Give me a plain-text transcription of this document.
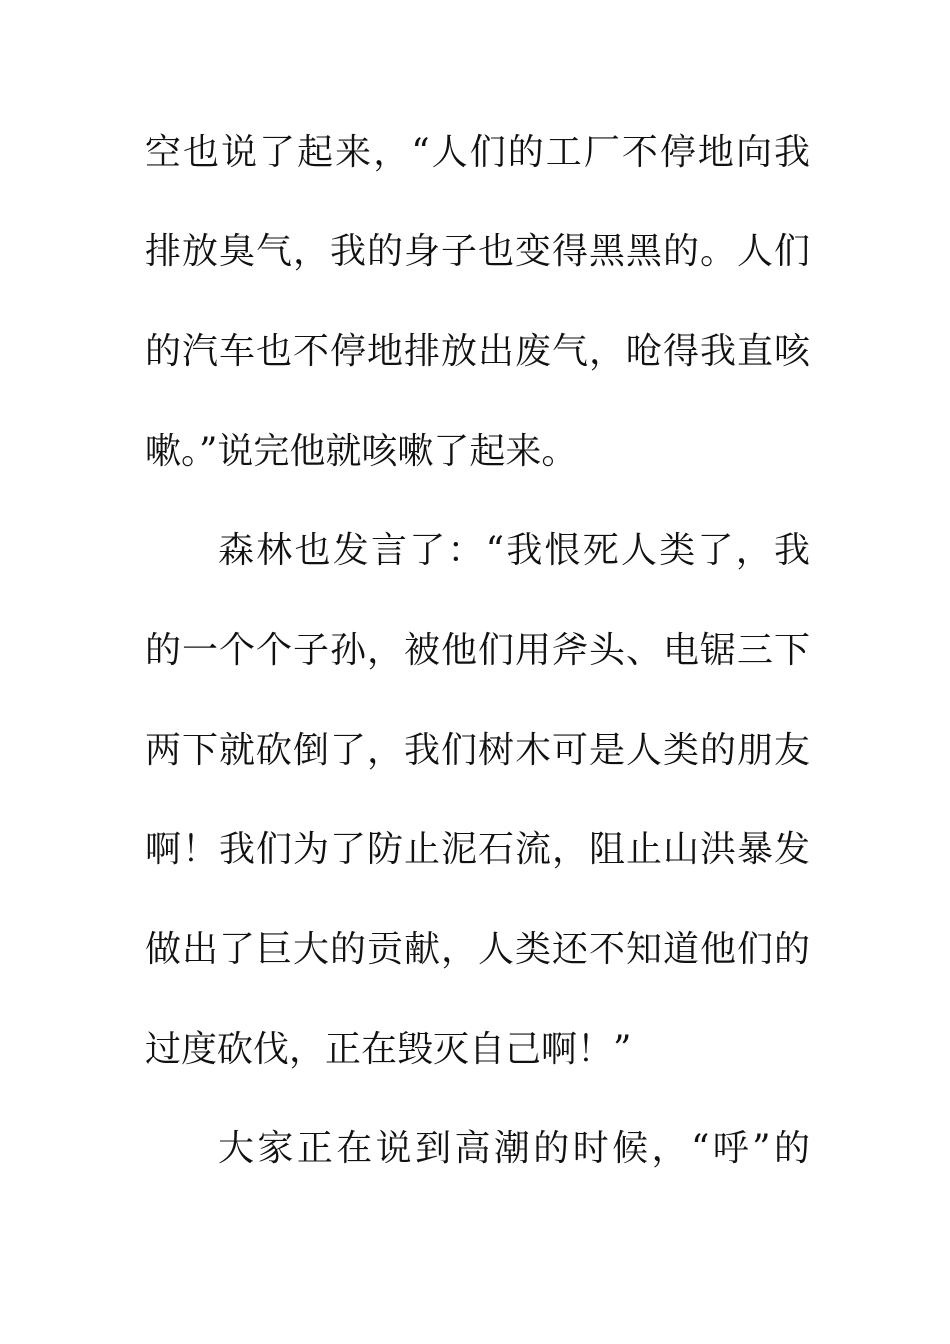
空也说了起来，“人们的工厂不停地向我
排放臭气，我的身子也变得黑黑的。人们
的汽车也不停地排放出废气，呛得我直咳
嗽。”说完他就咳嗽了起来。
森林也发言了：“我恨死人类了，我
的一个个子孙，被他们用斧头、电锯三下
两下就砍倒了，我们树木可是人类的朋友
啊！我们为了防止泥石流，阻止山洪暴发
做出了巨大的贡献，人类还不知道他们的
过度砍伐，正在毁灭自己啊！”
大家正在说到高潮的时候，“呼”的
